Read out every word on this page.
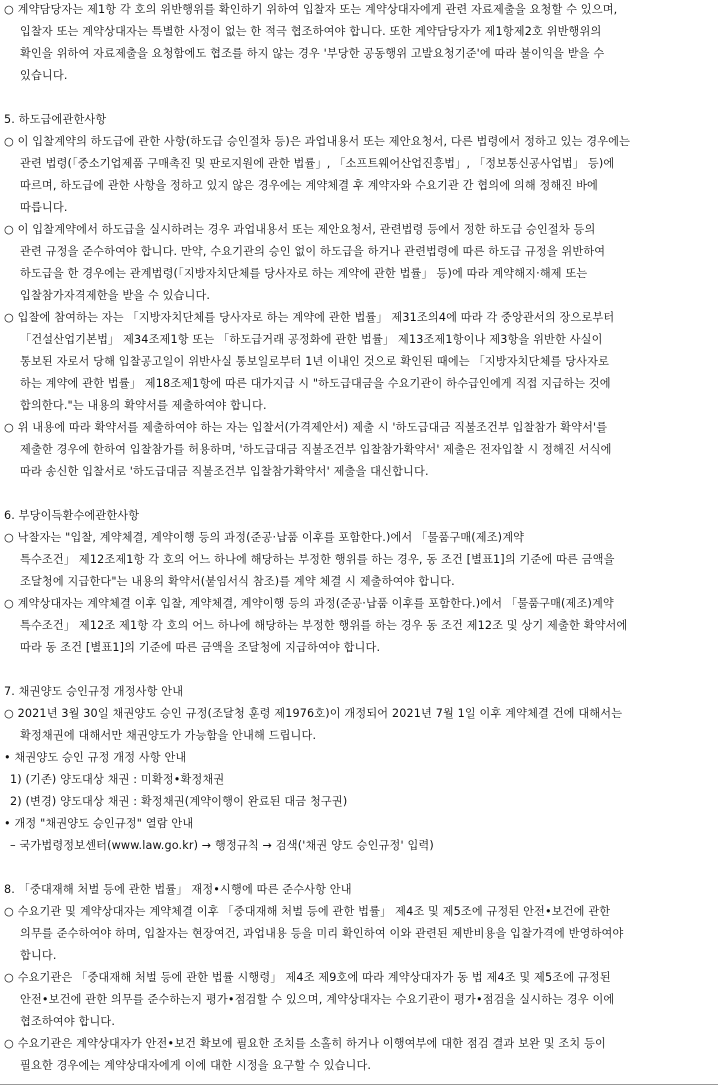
○ 계약담당자는 제1항 각 호의 위반행위를 확인하기 위하여 입찰자 또는 계약상대자에게 관련 자료제출을 요청할 수 있으며,
입찰자 또는 계약상대자는 특별한 사정이 없는 한 적극 협조하여야 합니다. 또한 계약담당자가 제1항제2호 위반행위의
확인을 위하여 자료제출을 요청함에도 협조를 하지 않는 경우 '부당한 공동행위 고발요청기준'에 따라 불이익을 받을 수
있습니다.
5. 하도급에관한사항
○ 이 입찰계약의 하도급에 관한 사항(하도급 승인절차 등)은 과업내용서 또는 제안요청서, 다른 법령에서 정하고 있는 경우에는
관련 법령(「중소기업제품 구매촉진 및 판로지원에 관한 법률」, 「소프트웨어산업진흥법」, 「정보통신공사업법」 등)에
따르며, 하도급에 관한 사항을 정하고 있지 않은 경우에는 계약체결 후 계약자와 수요기관 간 협의에 의해 정해진 바에
따릅니다.
○ 이 입찰계약에서 하도급을 실시하려는 경우 과업내용서 또는 제안요청서, 관련법령 등에서 정한 하도급 승인절차 등의
관련 규정을 준수하여야 합니다. 만약, 수요기관의 승인 없이 하도급을 하거나 관련법령에 따른 하도급 규정을 위반하여
하도급을 한 경우에는 관계법령(「지방자치단체를 당사자로 하는 계약에 관한 법률」 등)에 따라 계약해지·해제 또는
입찰참가자격제한을 받을 수 있습니다.
○ 입찰에 참여하는 자는 「지방자치단체를 당사자로 하는 계약에 관한 법률」 제31조의4에 따라 각 중앙관서의 장으로부터
「건설산업기본법」 제34조제1항 또는 「하도급거래 공정화에 관한 법률」 제13조제1항이나 제3항을 위반한 사실이
통보된 자로서 당해 입찰공고일이 위반사실 통보일로부터 1년 이내인 것으로 확인된 때에는 「지방자치단체를 당사자로
하는 계약에 관한 법률」 제18조제1항에 따른 대가지급 시 "하도급대금을 수요기관이 하수급인에게 직접 지급하는 것에
합의한다."는 내용의 확약서를 제출하여야 합니다.
○ 위 내용에 따라 확약서를 제출하여야 하는 자는 입찰서(가격제안서) 제출 시 '하도급대금 직불조건부 입찰참가 확약서'를
제출한 경우에 한하여 입찰참가를 허용하며, '하도급대금 직불조건부 입찰참가확약서' 제출은 전자입찰 시 정해진 서식에
따라 송신한 입찰서로 '하도급대금 직불조건부 입찰참가확약서' 제출을 대신합니다.
6. 부당이득환수에관한사항
○ 낙찰자는 "입찰, 계약체결, 계약이행 등의 과정(준공·납품 이후를 포함한다.)에서 「물품구매(제조)계약
특수조건」 제12조제1항 각 호의 어느 하나에 해당하는 부정한 행위를 하는 경우, 동 조건 [별표1]의 기준에 따른 금액을
조달청에 지급한다"는 내용의 확약서(붙임서식 참조)를 계약 체결 시 제출하여야 합니다.
○ 계약상대자는 계약체결 이후 입찰, 계약체결, 계약이행 등의 과정(준공·납품 이후를 포함한다.)에서 「물품구매(제조)계약
특수조건」 제12조 제1항 각 호의 어느 하나에 해당하는 부정한 행위를 하는 경우 동 조건 제12조 및 상기 제출한 확약서에
따라 동 조건 [별표1]의 기준에 따른 금액을 조달청에 지급하여야 합니다.
7. 채권양도 승인규정 개정사항 안내
○ 2021년 3월 30일 채권양도 승인 규정(조달청 훈령 제1976호)이 개정되어 2021년 7월 1일 이후 계약체결 건에 대해서는
확정채권에 대해서만 채권양도가 가능함을 안내해 드립니다.
• 채권양도 승인 규정 개정 사항 안내
1) (기존) 양도대상 채권 : 미확정•확정채권
2) (변경) 양도대상 채권 : 확정채권(계약이행이 완료된 대금 청구권)
• 개정 "채권양도 승인규정" 열람 안내
– 국가법령정보센터(www.law.go.kr) → 행정규칙 → 검색('채권 양도 승인규정' 입력)
8. 「중대재해 처벌 등에 관한 법률」 재정•시행에 따른 준수사항 안내
○ 수요기관 및 계약상대자는 계약체결 이후 「중대재해 처벌 등에 관한 법률」 제4조 및 제5조에 규정된 안전•보건에 관한
의무를 준수하여야 하며, 입찰자는 현장여건, 과업내용 등을 미리 확인하여 이와 관련된 제반비용을 입찰가격에 반영하여야
합니다.
○ 수요기관은 「중대재해 처벌 등에 관한 법률 시행령」 제4조 제9호에 따라 계약상대자가 동 법 제4조 및 제5조에 규정된
안전•보건에 관한 의무를 준수하는지 평가•점검할 수 있으며, 계약상대자는 수요기관이 평가•점검을 실시하는 경우 이에
협조하여야 합니다.
○ 수요기관은 계약상대자가 안전•보건 확보에 필요한 조치를 소홀히 하거나 이행여부에 대한 점검 결과 보완 및 조치 등이
필요한 경우에는 계약상대자에게 이에 대한 시정을 요구할 수 있습니다.
